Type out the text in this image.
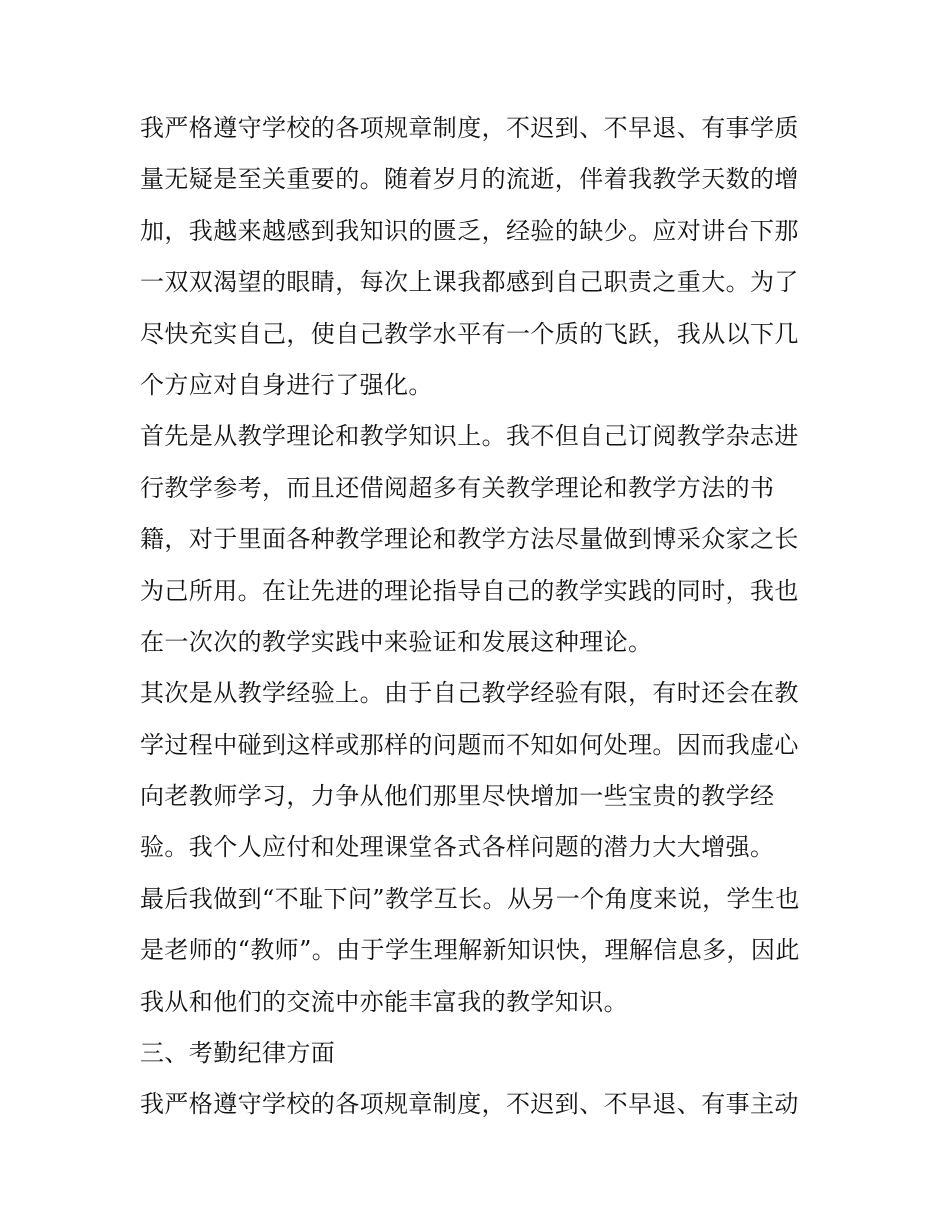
我严格遵守学校的各项规章制度，不迟到、不早退、有事学质
量无疑是至关重要的。随着岁月的流逝，伴着我教学天数的增
加，我越来越感到我知识的匮乏，经验的缺少。应对讲台下那
一双双渴望的眼睛，每次上课我都感到自己职责之重大。为了
尽快充实自己，使自己教学水平有一个质的飞跃，我从以下几
个方应对自身进行了强化。
首先是从教学理论和教学知识上。我不但自己订阅教学杂志进
行教学参考，而且还借阅超多有关教学理论和教学方法的书
籍，对于里面各种教学理论和教学方法尽量做到博采众家之长
为己所用。在让先进的理论指导自己的教学实践的同时，我也
在一次次的教学实践中来验证和发展这种理论。
其次是从教学经验上。由于自己教学经验有限，有时还会在教
学过程中碰到这样或那样的问题而不知如何处理。因而我虚心
向老教师学习，力争从他们那里尽快增加一些宝贵的教学经
验。我个人应付和处理课堂各式各样问题的潜力大大增强。
最后我做到“不耻下问”教学互长。从另一个角度来说，学生也
是老师的“教师”。由于学生理解新知识快，理解信息多，因此
我从和他们的交流中亦能丰富我的教学知识。
三、考勤纪律方面
我严格遵守学校的各项规章制度，不迟到、不早退、有事主动
